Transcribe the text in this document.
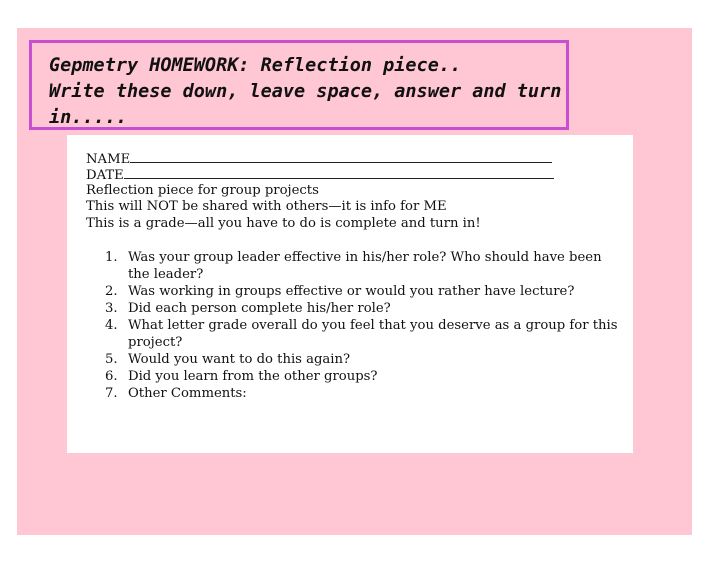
Gepmetry HOMEWORK: Reflection piece..
Write these down, leave space, answer and turn
in.....
NAME
DATE
Reflection piece for group projects
This will NOT be shared with others—it is info for ME
This is a grade—all you have to do is complete and turn in!
1. Was your group leader effective in his/her role? Who should have been the leader?
2. Was working in groups effective or would you rather have lecture?
3. Did each person complete his/her role?
4. What letter grade overall do you feel that you deserve as a group for this project?
5. Would you want to do this again?
6. Did you learn from the other groups?
7. Other Comments:
